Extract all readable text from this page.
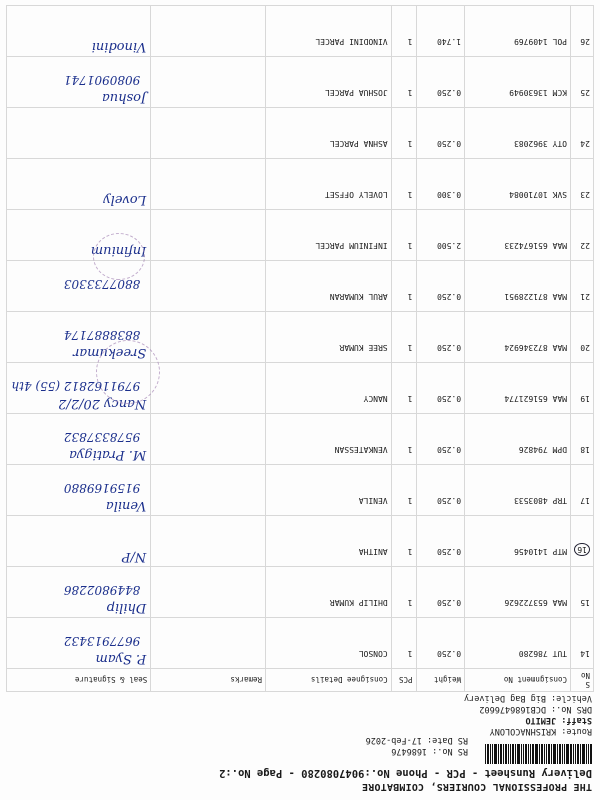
THE PROFESSIONAL COURIERS, COIMBATORE
Delivery Runsheet - PCR - Phone No.:9047080280 - Page No.:2
RS No.: 1686476
RS Date: 17-Feb-2026
Route: KRISHNACOLONY
Staff: JEMITO
DRS No.: DCB1686476602
Vehicle: Big Bag Delivery
S No	Consignment No	Weight	PCS	Consignee Details	Remarks	Seal & Signature
14	TUT 786280	0.250	1	CONSOL		P. Syam
9677913432

15	MAA 653722626	0.250	1	DHILIP KUMAR		Dhilip
8449802286

16	MTP 1410456	0.250	1	ANITHA		N/P

17	TRP 4803533	0.250	1	VENILA		Venila
9159169880

18	DPM 794826	0.250	1	VENKATESSAN		M. Pratigya
9578337832

19	MAA 651621774	0.250	1	NANCY		Nancy 20/2/2
9791162812 (55) 4th

20	MAA 872346924	0.250	1	SREE KUMAR		Sreekumar
8838887174

21	MAA 871228951	0.250	1	ARUL KUMARAN		8807733303

22	MAA 651674233	2.500	1	INFINIUM PARCEL		Infinium

23	SVK 10710084	0.300	1	LOVELY OFFSET		Lovely

24	OTY 3962083	0.250	1	ASHNA PARCEL		

25	KCM 13630949	0.250	1	JOSHUA PARCEL		Joshua
9080901741

26	POL 1409769	1.740	1	VINODINI PARCEL		Vinodini
